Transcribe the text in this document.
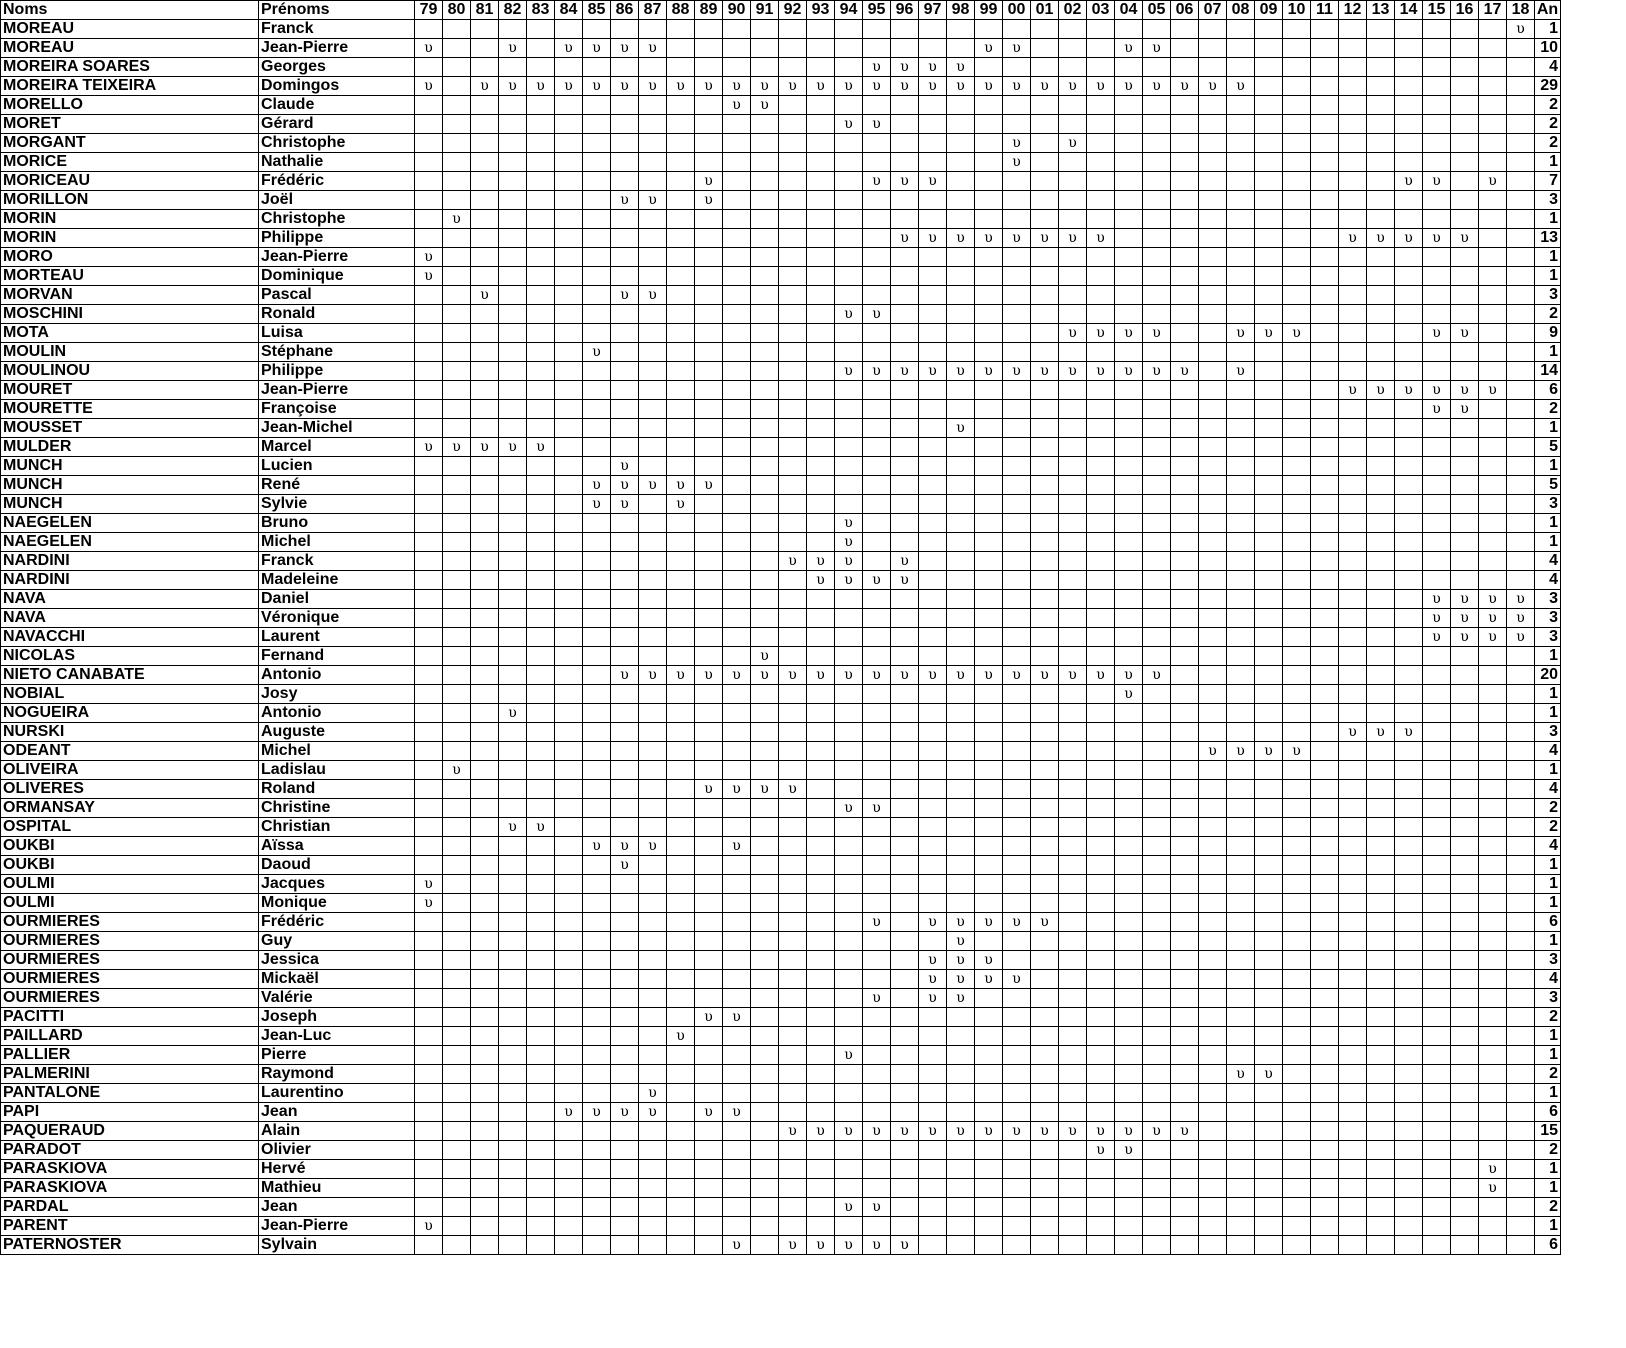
Noms	Prénoms	79	80	81	82	83	84	85	86	87	88	89	90	91	92	93	94	95	96	97	98	99	00	01	02	03	04	05	06	07	08	09	10	11	12	13	14	15	16	17	18	An
MOREAU	Franck																																								υ	1
MOREAU	Jean-Pierre	υ			υ		υ	υ	υ	υ												υ	υ				υ	υ														10
MOREIRA SOARES	Georges																	υ	υ	υ	υ																					4
MOREIRA TEIXEIRA	Domingos	υ		υ	υ	υ	υ	υ	υ	υ	υ	υ	υ	υ	υ	υ	υ	υ	υ	υ	υ	υ	υ	υ	υ	υ	υ	υ	υ	υ	υ											29
MORELLO	Claude												υ	υ																												2
MORET	Gérard																υ	υ																								2
MORGANT	Christophe																						υ		υ																	2
MORICE	Nathalie																						υ																			1
MORICEAU	Frédéric											υ						υ	υ	υ																	υ	υ		υ		7
MORILLON	Joël								υ	υ		υ																														3
MORIN	Christophe		υ																																							1
MORIN	Philippe																		υ	υ	υ	υ	υ	υ	υ	υ									υ	υ	υ	υ	υ			13
MORO	Jean-Pierre	υ																																								1
MORTEAU	Dominique	υ																																								1
MORVAN	Pascal			υ					υ	υ																																3
MOSCHINI	Ronald																υ	υ																								2
MOTA	Luisa																								υ	υ	υ	υ			υ	υ	υ					υ	υ			9
MOULIN	Stéphane							υ																																		1
MOULINOU	Philippe																υ	υ	υ	υ	υ	υ	υ	υ	υ	υ	υ	υ	υ		υ											14
MOURET	Jean-Pierre																																		υ	υ	υ	υ	υ	υ		6
MOURETTE	Françoise																																					υ	υ			2
MOUSSET	Jean-Michel																				υ																					1
MULDER	Marcel	υ	υ	υ	υ	υ																																				5
MUNCH	Lucien								υ																																	1
MUNCH	René							υ	υ	υ	υ	υ																														5
MUNCH	Sylvie							υ	υ		υ																															3
NAEGELEN	Bruno																υ																									1
NAEGELEN	Michel																υ																									1
NARDINI	Franck														υ	υ	υ		υ																							4
NARDINI	Madeleine															υ	υ	υ	υ																							4
NAVA	Daniel																																					υ	υ	υ	υ	3
NAVA	Véronique																																					υ	υ	υ	υ	3
NAVACCHI	Laurent																																					υ	υ	υ	υ	3
NICOLAS	Fernand													υ																												1
NIETO CANABATE	Antonio								υ	υ	υ	υ	υ	υ	υ	υ	υ	υ	υ	υ	υ	υ	υ	υ	υ	υ	υ	υ														20
NOBIAL	Josy																										υ															1
NOGUEIRA	Antonio				υ																																					1
NURSKI	Auguste																																		υ	υ	υ					3
ODEANT	Michel																													υ	υ	υ	υ									4
OLIVEIRA	Ladislau		υ																																							1
OLIVERES	Roland											υ	υ	υ	υ																											4
ORMANSAY	Christine																υ	υ																								2
OSPITAL	Christian				υ	υ																																				2
OUKBI	Aïssa							υ	υ	υ			υ																													4
OUKBI	Daoud								υ																																	1
OULMI	Jacques	υ																																								1
OULMI	Monique	υ																																								1
OURMIERES	Frédéric																	υ		υ	υ	υ	υ	υ																		6
OURMIERES	Guy																				υ																					1
OURMIERES	Jessica																			υ	υ	υ																				3
OURMIERES	Mickaël																			υ	υ	υ	υ																			4
OURMIERES	Valérie																	υ		υ	υ																					3
PACITTI	Joseph											υ	υ																													2
PAILLARD	Jean-Luc										υ																															1
PALLIER	Pierre																υ																									1
PALMERINI	Raymond																														υ	υ										2
PANTALONE	Laurentino									υ																																1
PAPI	Jean						υ	υ	υ	υ		υ	υ																													6
PAQUERAUD	Alain														υ	υ	υ	υ	υ	υ	υ	υ	υ	υ	υ	υ	υ	υ	υ													15
PARADOT	Olivier																									υ	υ															2
PARASKIOVA	Hervé																																							υ		1
PARASKIOVA	Mathieu																																							υ		1
PARDAL	Jean																υ	υ																								2
PARENT	Jean-Pierre	υ																																								1
PATERNOSTER	Sylvain												υ		υ	υ	υ	υ	υ																							6
